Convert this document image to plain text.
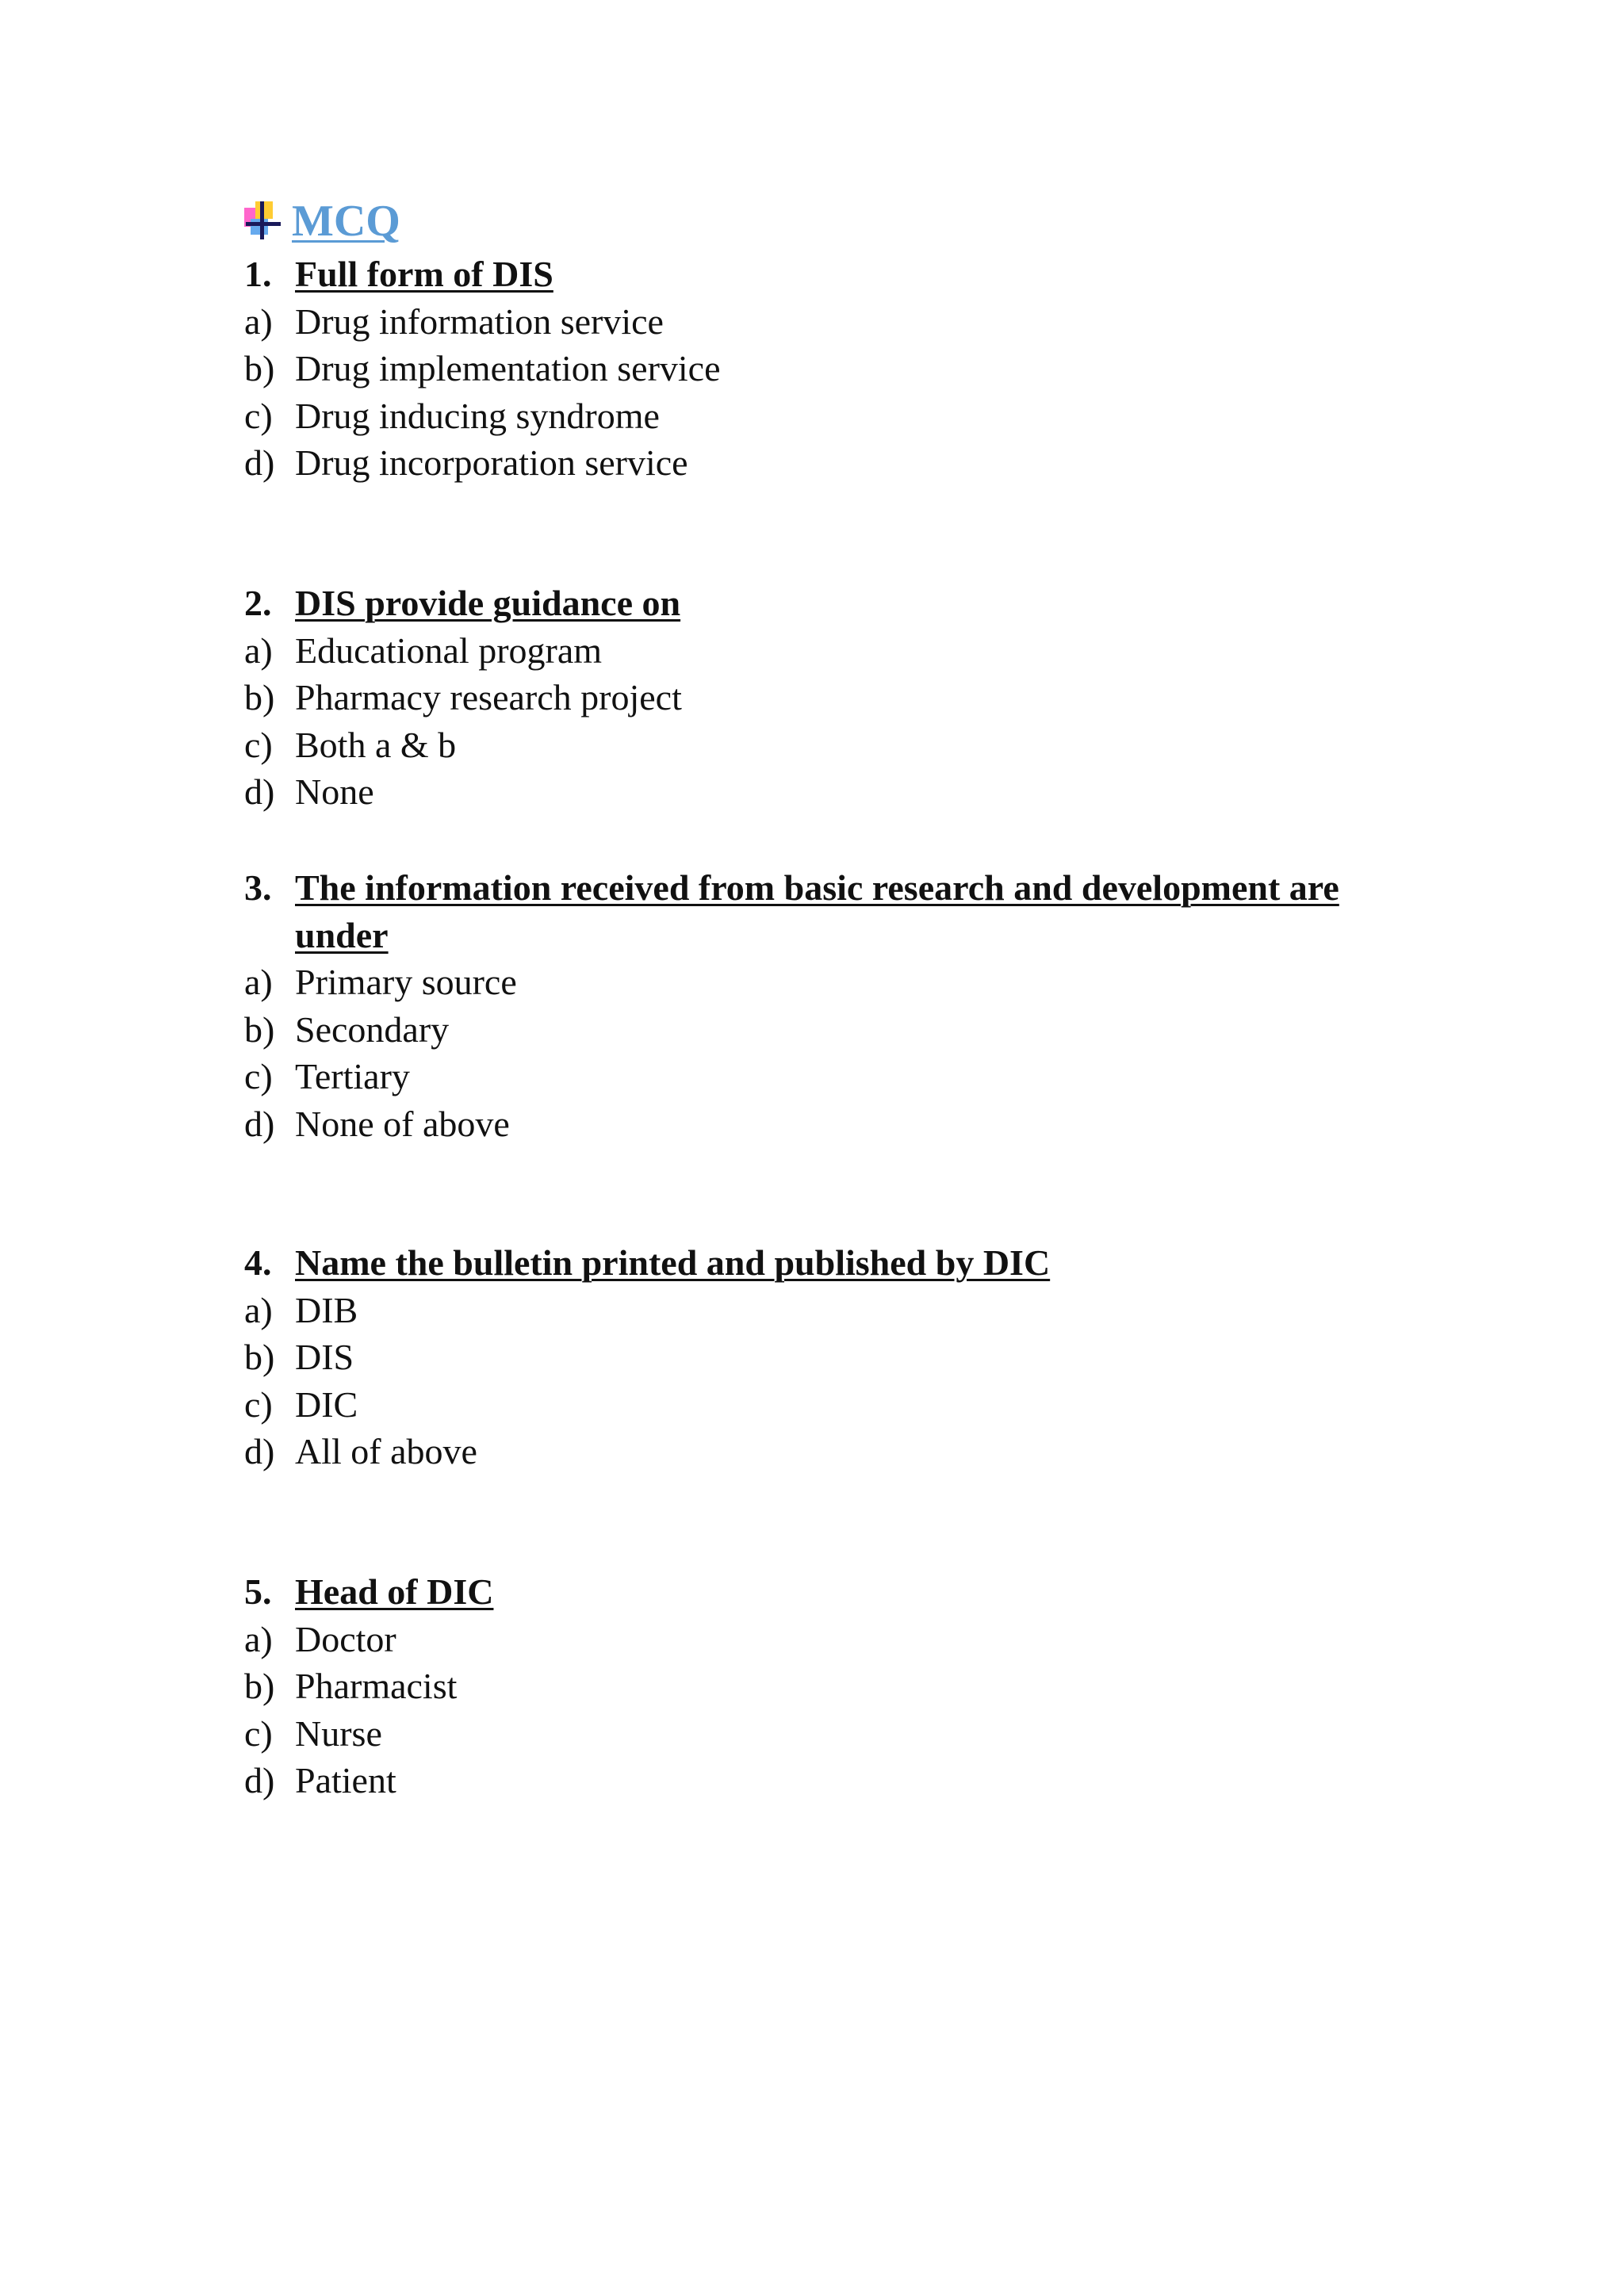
MCQ
1. Full form of DIS
a) Drug information service
b) Drug implementation service
c) Drug inducing syndrome
d) Drug incorporation service
2. DIS provide guidance on
a) Educational program
b) Pharmacy research project
c) Both a & b
d) None
3. The information received from basic research and development are under
a) Primary source
b) Secondary
c) Tertiary
d) None of above
4. Name the bulletin printed and published by DIC
a) DIB
b) DIS
c) DIC
d) All of above
5. Head of DIC
a) Doctor
b) Pharmacist
c) Nurse
d) Patient
